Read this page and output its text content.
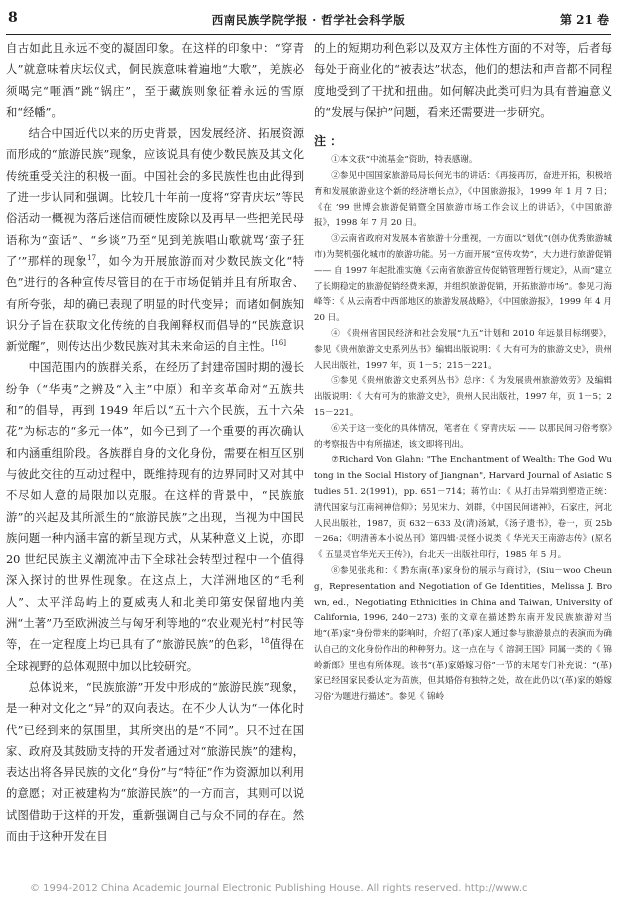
8	西南民族学院学报 · 哲学社会科学版	第 21 卷

自古如此且永远不变的凝固印象。在这样的印象中：“穿青人”就意味着庆坛仪式，侗民族意味着遍地“大歌”，羌族必须喝完“咂酒”跳“锅庄”，至于藏族则象征着永远的雪原和“经幡”。

结合中国近代以来的历史背景，因发展经济、拓展资源而形成的“旅游民族”现象，应该说具有使少数民族及其文化传统重受关注的积极一面。中国社会的多民族性也由此得到了进一步认同和强调。比较几十年前一度将“穿青庆坛”等民俗活动一概视为落后迷信而硬性废除以及再早一些把羌民母语称为“蛮话”、“乡谈”乃至“见到羌族唱山歌就骂‘蛮子狂了’”那样的现象$^{17}$，如今为开展旅游而对少数民族文化“特色”进行的各种宣传尽管目的在于市场促销并且有所取舍、有所夸张，却的确已表现了明显的时代变异；而诸如侗族知识分子旨在获取文化传统的自我阐释权而倡导的“民族意识新觉醒”，则传达出少数民族对其未来命运的自主性。[16]

中国范围内的族群关系，在经历了封建帝国时期的漫长纷争（“华夷”之辨及“入主”中原）和辛亥革命对“五族共和”的倡导，再到 1949 年后以“五十六个民族，五十六朵花”为标志的“多元一体”，如今已到了一个重要的再次确认和内涵重组阶段。各族群自身的文化身份，需要在相互区别与彼此交往的互动过程中，既维持现有的边界同时又对其中不尽如人意的局限加以克服。在这样的背景中，“民族旅游”的兴起及其所派生的“旅游民族”之出现，当视为中国民族问题一种内涵丰富的新呈现方式，从某种意义上说，亦即 20 世纪民族主义潮流冲击下全球社会转型过程中一个值得深入探讨的世界性现象。在这点上，大洋洲地区的“毛利人”、太平洋岛屿上的夏威夷人和北美印第安保留地内美洲“土著”乃至欧洲波兰与匈牙利等地的“农业观光村”村民等等，在一定程度上均已具有了“旅游民族”的色彩，$^{18}$值得在全球视野的总体观照中加以比较研究。

总体说来，“民族旅游”开发中形成的“旅游民族”现象，是一种对文化之“异”的双向表达。在不少人认为“一体化时代”已经到来的氛围里，其所突出的是“不同”。只不过在国家、政府及其鼓励支持的开发者通过对“旅游民族”的建构，表达出将各异民族的文化“身份”与“特征”作为资源加以利用的意愿；对正被建构为“旅游民族”的一方而言，其则可以说试图借助于这样的开发，重新强调自己与众不同的存在。然而由于这种开发在目

的上的短期功利色彩以及双方主体性方面的不对等，后者每每处于商业化的“被表达”状态，他们的想法和声音都不同程度地受到了干扰和扭曲。如何解决此类可归为具有普遍意义的“发展与保护”问题，看来还需要进一步研究。

注 ：

①本文获“中流基金”资助，特表感谢。

②参见中国国家旅游局局长何光韦的讲话：《再接再厉，奋进开拓，积极培育和发展旅游业这个新的经济增长点》，《中国旅游报》，1999 年 1 月 7 日；《在 ’99 世博会旅游促销暨全国旅游市场工作会议上的讲话》，《中国旅游报》，1998 年 7 月 20 日。

③云南省政府对发展本省旅游十分重视，一方面以“划优”(创办优秀旅游城市)为契机强化城市的旅游功能。另一方面开展“宣传攻势”，大力进行旅游促销 —— 自 1997 年起批准实施《云南省旅游宣传促销管理暂行规定》，从而“建立了长期稳定的旅游促销经费来源，并组织旅游促销，开拓旅游市场”。参见刁海峰等：《 从云南看中西部地区的旅游发展战略》，《中国旅游报》，1999 年 4 月 20 日。

④ 《贵州省国民经济和社会发展“九五”计划和 2010 年远景目标纲要》，参见《贵州旅游文史系列丛书》编辑出版说明：《 大有可为的旅游文史》，贵州人民出版社，1997 年，页 1－5；215－221。

⑤参见《贵州旅游文史系列丛书》总序：《 为发展贵州旅游效劳》及编辑出版说明：《 大有可为的旅游文史》，贵州人民出版社，1997 年，页 1－5；215－221。

⑥关于这一变化的具体情况，笔者在《 穿青庆坛 —— 以那民间习俗考察》的考察报告中有所描述，该文即将刊出。

⑦Richard Von Glahn: "The Enchantment of Wealth: The God Wutong in the Social History of Jiangnan", Harvard Journal of Asiatic Studies 51. 2(1991)，pp. 651－714；蒋竹山：《 从打击异端到塑造正统：清代国家与江南祠神信仰》；另见宋力、刘群，《中国民间诸神》，石家庄，河北人民出版社，1987，页 632－633 及(清)汤斌，《汤子遗书》，卷一，页 25b－26a；《明清善本小说丛刊》第四辑·灵怪小说类《 华光天王南游志传》(原名《 五显灵官华光天王传》)，台北天一出版社印行，1985 年 5 月。

⑧参见张兆和：《 黔东南(革)家身份的展示与商讨》，(Siu－woo Cheung，Representation and Negotiation of Ge Identities，Melissa J. Brown, ed.，Negotiating Ethnicities in China and Taiwan, University of California, 1996, 240－273) 张的文章在描述黔东南开发民族旅游对当地“(革)家”身份带来的影响时，介绍了(革)家人通过参与旅游景点的表演而为确认自己的文化身份作出的种种努力。这一点在与《 溶洞王国》同属一类的《 锦岭新郎》里也有所体现。该书“(革)家婚嫁习俗”一节的末尾专门补充说：“(革)家已经国家民委认定为苗族，但其婚俗有独特之处，故在此仍以‘(革)家的婚嫁习俗’为题进行描述”。参见《 锦岭

© 1994-2012 China Academic Journal Electronic Publishing House. All rights reserved. http://www.c
